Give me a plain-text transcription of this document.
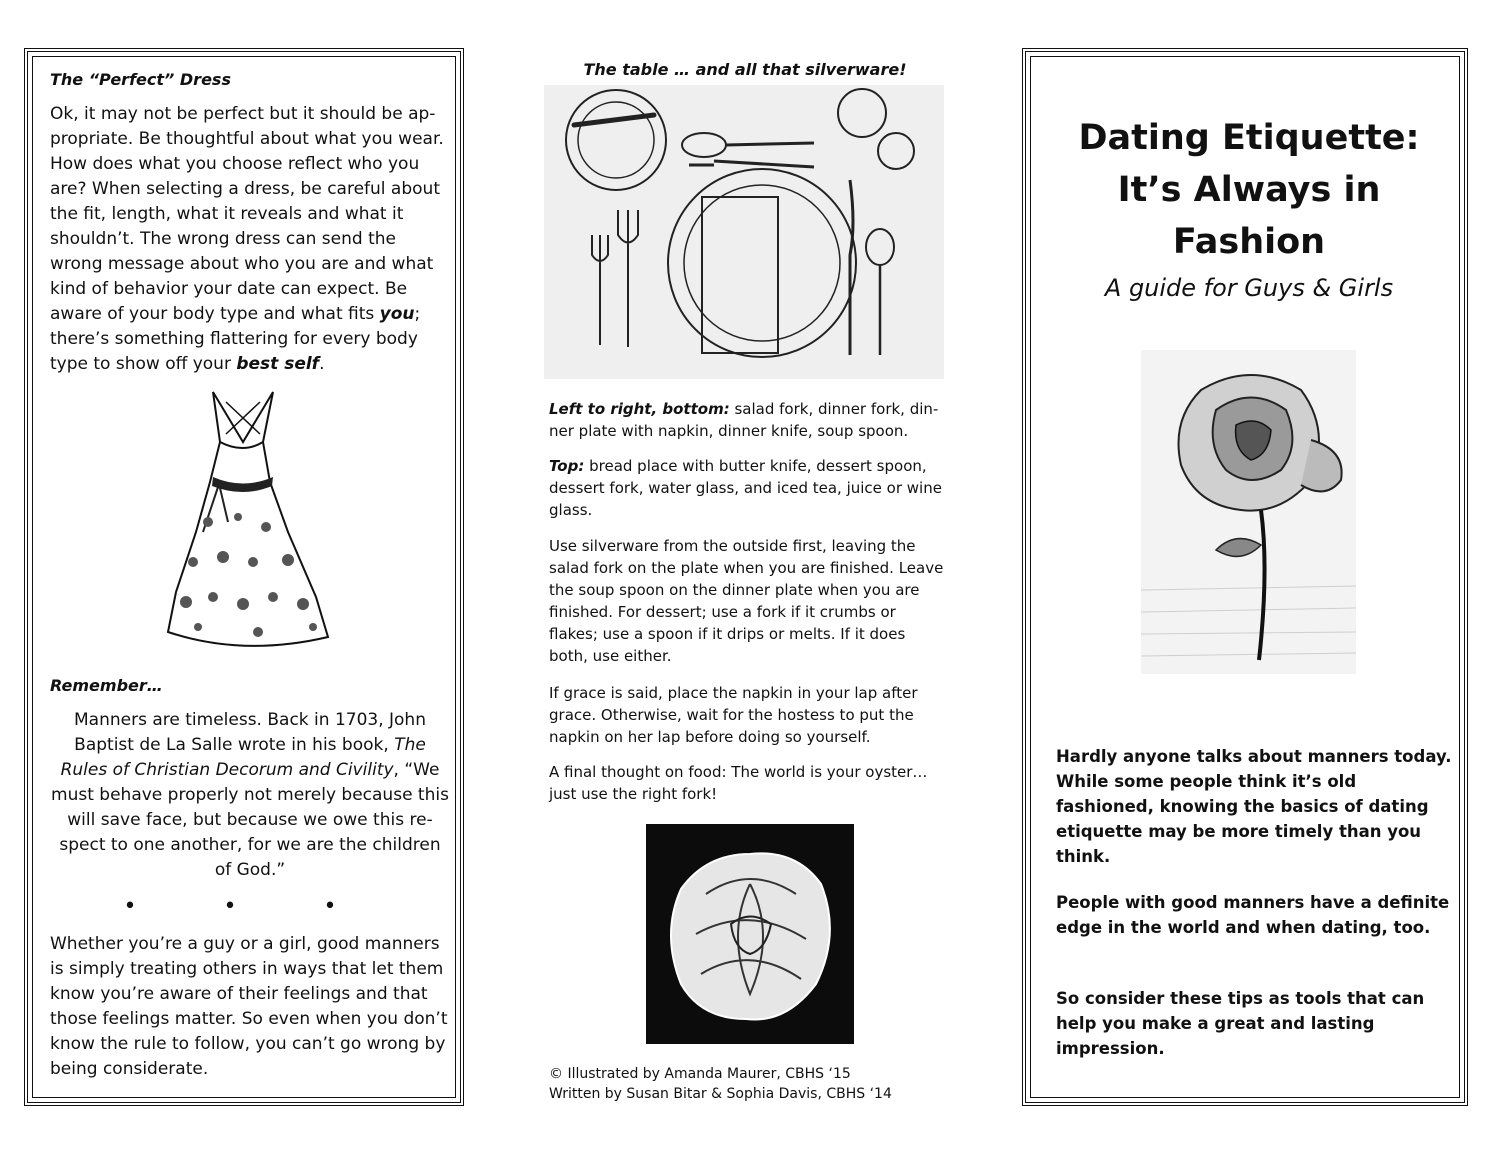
The “Perfect” Dress

Ok, it may not be perfect but it should be appropriate. Be thoughtful about what you wear. How does what you choose reflect who you are? When selecting a dress, be careful about the fit, length, what it reveals and what it shouldn’t. The wrong dress can send the wrong message about who you are and what kind of behavior your date can expect. Be aware of your body type and what fits you; there’s something flattering for every body type to show off your best self.

Remember…

Manners are timeless. Back in 1703, John Baptist de La Salle wrote in his book, The Rules of Christian Decorum and Civility, “We must behave properly not merely because this will save face, but because we owe this respect to one another, for we are the children of God.”

• • •

Whether you’re a guy or a girl, good manners is simply treating others in ways that let them know you’re aware of their feelings and that those feelings matter. So even when you don’t know the rule to follow, you can’t go wrong by being considerate.

The table … and all that silverware!

Left to right, bottom: salad fork, dinner fork, dinner plate with napkin, dinner knife, soup spoon.

Top: bread place with butter knife, dessert spoon, dessert fork, water glass, and iced tea, juice or wine glass.

Use silverware from the outside first, leaving the salad fork on the plate when you are finished. Leave the soup spoon on the dinner plate when you are finished. For dessert; use a fork if it crumbs or flakes; use a spoon if it drips or melts. If it does both, use either.

If grace is said, place the napkin in your lap after grace. Otherwise, wait for the hostess to put the napkin on her lap before doing so yourself.

A final thought on food: The world is your oyster…just use the right fork!

© Illustrated by Amanda Maurer, CBHS ‘15
Written by Susan Bitar & Sophia Davis, CBHS ‘14
Dating Etiquette:
It’s Always in
Fashion
A guide for Guys & Girls

Hardly anyone talks about manners today. While some people think it’s old fashioned, knowing the basics of dating etiquette may be more timely than you think.

People with good manners have a definite edge in the world and when dating, too.

So consider these tips as tools that can help you make a great and lasting impression.
